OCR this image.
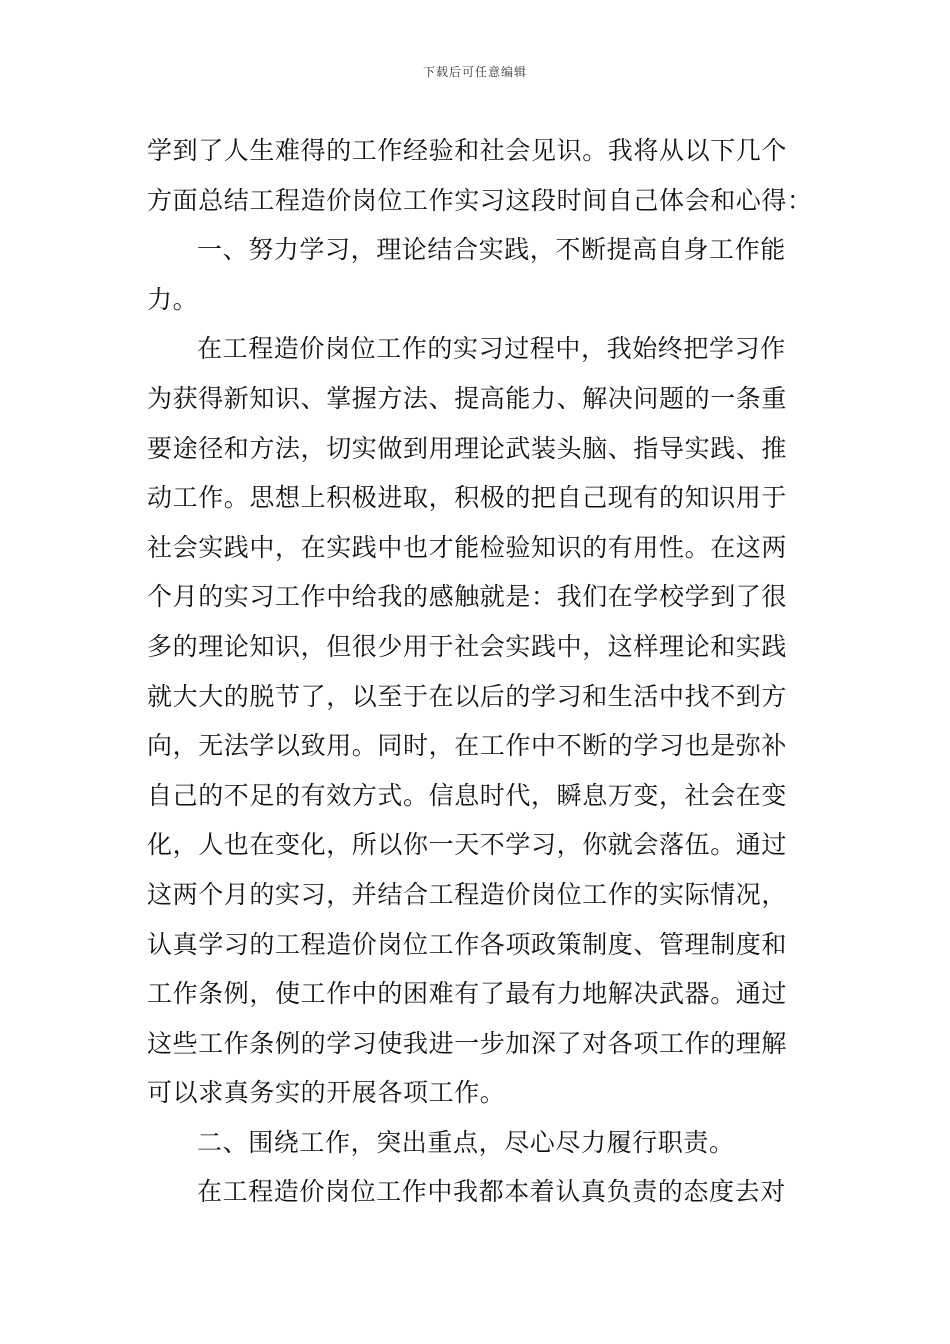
下载后可任意编辑
学到了人生难得的工作经验和社会见识。我将从以下几个
方面总结工程造价岗位工作实习这段时间自己体会和心得：
一、努力学习，理论结合实践，不断提高自身工作能
力。
在工程造价岗位工作的实习过程中，我始终把学习作
为获得新知识、掌握方法、提高能力、解决问题的一条重
要途径和方法，切实做到用理论武装头脑、指导实践、推
动工作。思想上积极进取，积极的把自己现有的知识用于
社会实践中，在实践中也才能检验知识的有用性。在这两
个月的实习工作中给我的感触就是：我们在学校学到了很
多的理论知识，但很少用于社会实践中，这样理论和实践
就大大的脱节了，以至于在以后的学习和生活中找不到方
向，无法学以致用。同时，在工作中不断的学习也是弥补
自己的不足的有效方式。信息时代，瞬息万变，社会在变
化，人也在变化，所以你一天不学习，你就会落伍。通过
这两个月的实习，并结合工程造价岗位工作的实际情况，
认真学习的工程造价岗位工作各项政策制度、管理制度和
工作条例，使工作中的困难有了最有力地解决武器。通过
这些工作条例的学习使我进一步加深了对各项工作的理解
可以求真务实的开展各项工作。
二、围绕工作，突出重点，尽心尽力履行职责。
在工程造价岗位工作中我都本着认真负责的态度去对
